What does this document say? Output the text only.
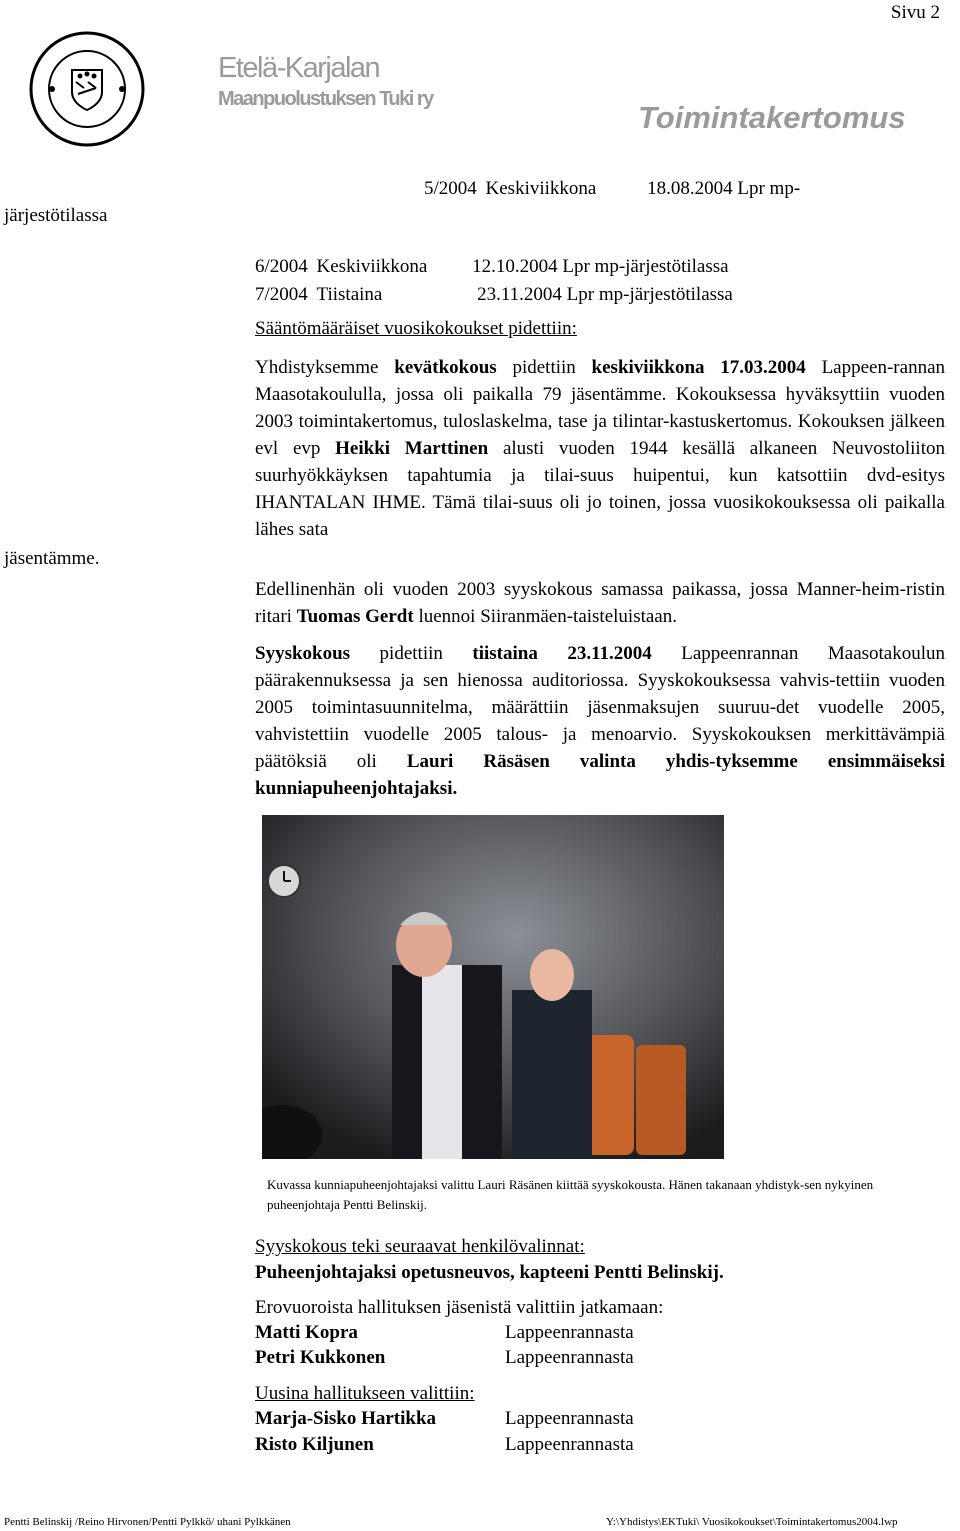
Sivu 2
Etelä-Karjalan
Maanpuolustuksen Tuki ry
Toimintakertomus
5/2004 Keskiviikkona	18.08.2004 Lpr mp-
järjestötilassa
6/2004 Keskiviikkona 12.10.2004 Lpr mp-järjestötilassa
7/2004 Tiistaina	23.11.2004 Lpr mp-järjestötilassa
Sääntömääräiset vuosikokoukset pidettiin:
jäsentämme.
Yhdistyksemme kevätkokous pidettiin keskiviikkona 17.03.2004 Lappeen-rannan Maasotakoululla, jossa oli paikalla 79 jäsentämme. Kokouksessa hyväksyttiin vuoden 2003 toimintakertomus, tuloslaskelma, tase ja tilintar-kastuskertomus. Kokouksen jälkeen evl evp Heikki Marttinen alusti vuoden 1944 kesällä alkaneen Neuvostoliiton suurhyökkäyksen tapahtumia ja tilai-suus huipentui, kun katsottiin dvd-esitys IHANTALAN IHME. Tämä tilai-suus oli jo toinen, jossa vuosikokouksessa oli paikalla lähes sata
Edellinenhän oli vuoden 2003 syyskokous samassa paikassa, jossa Manner-heim-ristin ritari Tuomas Gerdt luennoi Siiranmäen-taisteluistaan.
Syyskokous pidettiin tiistaina 23.11.2004 Lappeenrannan Maasotakoulun päärakennuksessa ja sen hienossa auditoriossa. Syyskokouksessa vahvis-tettiin vuoden 2005 toimintasuunnitelma, määrättiin jäsenmaksujen suuruu-det vuodelle 2005, vahvistettiin vuodelle 2005 talous- ja menoarvio. Syyskokouksen merkittävämpiä päätöksiä oli Lauri Räsäsen valinta yhdis-tyksemme ensimmäiseksi kunniapuheenjohtajaksi.
Kuvassa kunniapuheenjohtajaksi valittu Lauri Räsänen kiittää syyskokousta. Hänen takanaan yhdistyk-sen nykyinen puheenjohtaja Pentti Belinskij.
Syyskokous teki seuraavat henkilövalinnat:
Puheenjohtajaksi opetusneuvos, kapteeni Pentti Belinskij.
Erovuoroista hallituksen jäsenistä valittiin jatkamaan:
Matti Kopra	Lappeenrannasta
Petri Kukkonen	Lappeenrannasta
Uusina hallitukseen valittiin:
Marja-Sisko Hartikka	Lappeenrannasta
Risto Kiljunen	Lappeenrannasta
Pentti Belinskij /Reino Hirvonen/Pentti Pylkkö/ uhani Pylkkänen	Y:\Yhdistys\EKTuki\ Vuosikokoukset\Toimintakertomus2004.lwp
